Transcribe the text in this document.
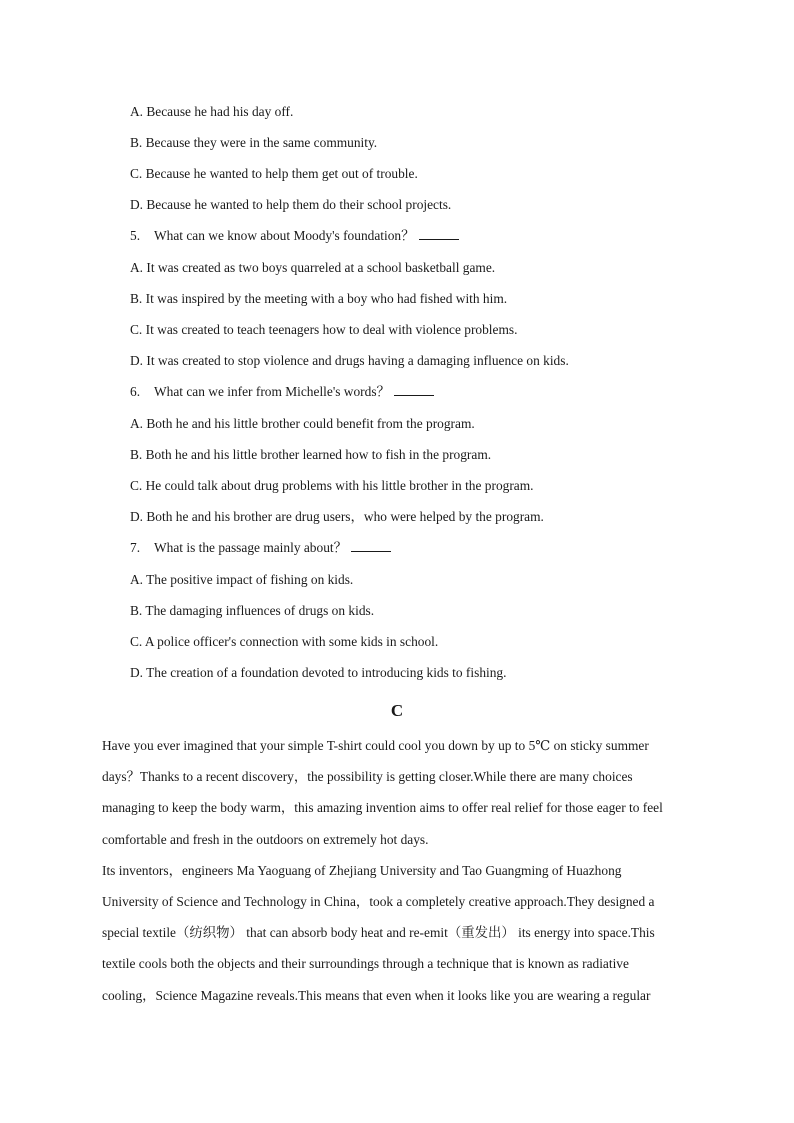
A. Because he had his day off.
B. Because they were in the same community.
C. Because he wanted to help them get out of trouble.
D. Because he wanted to help them do their school projects.
5. What can we know about Moody's foundation？
A. It was created as two boys quarreled at a school basketball game.
B. It was inspired by the meeting with a boy who had fished with him.
C. It was created to teach teenagers how to deal with violence problems.
D. It was created to stop violence and drugs having a damaging influence on kids.
6. What can we infer from Michelle's words？
A. Both he and his little brother could benefit from the program.
B. Both he and his little brother learned how to fish in the program.
C. He could talk about drug problems with his little brother in the program.
D. Both he and his brother are drug users，who were helped by the program.
7. What is the passage mainly about？
A. The positive impact of fishing on kids.
B. The damaging influences of drugs on kids.
C. A police officer's connection with some kids in school.
D. The creation of a foundation devoted to introducing kids to fishing.
C
Have you ever imagined that your simple T-shirt could cool you down by up to 5℃ on sticky summer
days？Thanks to a recent discovery，the possibility is getting closer.While there are many choices
managing to keep the body warm，this amazing invention aims to offer real relief for those eager to feel
comfortable and fresh in the outdoors on extremely hot days.
Its inventors，engineers Ma Yaoguang of Zhejiang University and Tao Guangming of Huazhong
University of Science and Technology in China，took a completely creative approach.They designed a
special textile（纺织物） that can absorb body heat and re-emit（重发出） its energy into space.This
textile cools both the objects and their surroundings through a technique that is known as radiative
cooling，Science Magazine reveals.This means that even when it looks like you are wearing a regular
